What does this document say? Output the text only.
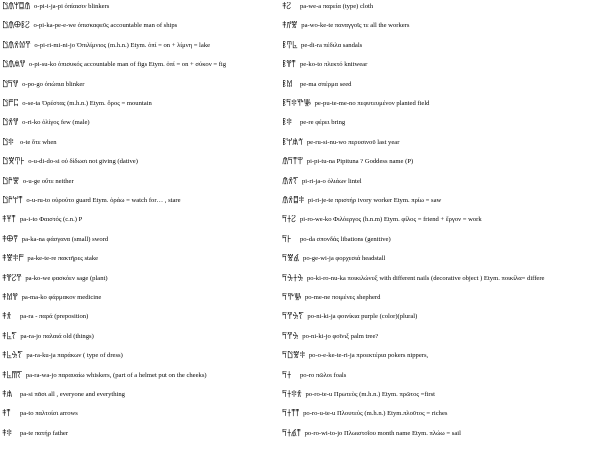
𐀃𐀠𐀩𐀊𐀠 o-pi-i-ja-pi ὀπίαισιν blinkers
𐀃𐀠𐀏𐀟𐀸 o-pi-ka-pe-e-we ὀπισκαφεῦς accountable man of ships
𐀃𐀠𐀪𐀔𐀛 o-pi-ri-mi-ni-jo Ὀπιλίμνιος (m.h.n.) Etym. ὀπί = on + λίμνη = lake
𐀃𐀠𐀯𐀒 o-pi-su-ko ὀπισυκός accountable man of figs Etym. ὀπί = on + σύκον = fig
𐀃𐀡𐀒 o-po-go ὀπώπια blinker
𐀃𐀮𐀲 o-se-ta Ὀρέστας (m.h.n.) Etym. ὄρος = mountain
𐀃𐀪𐀒 o-ri-ko ὀλίγος few (male)
𐀃𐀳 o-te ὅτε when
𐀃𐀆𐀇𐀅 o-u-di-do-si οὐ δίδωσι not giving (dative)
𐀃𐀄𐀐 o-u-ge οὔτε neither
𐀃𐀄𐀬𐀵 o-u-ru-to οὐρούτο guard Etym. ὁράω = watch for… , stare
𐀞𐀂𐀵 pa-i-to Φαιστός (c.n.) P
𐀞𐀏𐀙 pa-ka-na φάσγανα (small) sword
𐀞𐀐𐀳𐀮 pa-ke-te-re πακτῆρες stake
𐀞𐀒𐀸𐀛 pa-ko-we φασκόεν sage (plant)
𐀞𐀔𐀒 pa-ma-ko φάρμακον medicine
𐀞𐀪	pa-ra - παρά (preposition)
𐀞𐀨𐀍 pa-ra-jo παλαιά old (things)
𐀞𐀨𐀓𐀍 pa-ra-ku-ja παράκων ( type of dress)
𐀞𐀨𐀷𐀍 pa-ra-wa-jo παραυαίω whiskers, (part of a helmet put on the cheeks)
𐀞𐀯	pa-si πᾶσι all , everyone and everything
𐀞𐀵	pa-to παλτοίσι arrows
𐀞𐀳	pa-te πατήρ father
𐀞𐀸	pa-we-a παρεία (type) cloth
𐀞𐀺𐀐 pa-wo-ke-te παναγγοῖς τε all the workers
𐀟𐀇𐀨 pe-di-ra πέδιλα sandals
𐀟𐀒𐀵 pe-ko-to πλεκτό knitwear
𐀟𐀔	pe-ma σπέρμα seed
𐀟𐀡𐀳𐀕𐀜 pe-pu-te-me-no πεφυτευμένον planted field
𐀟𐀳	pe-re φέρει bring
𐀟𐀬𐀯𐀗 pe-ru-si-nu-wo περυσινοῦ last year
𐀠𐀡𐀵𐀚 pi-pi-tu-na Pipituna ? Goddess name (P)
𐀠𐀪𐀍 pi-ri-ja-o ὀλιάων lintel
𐀠𐀪𐀊𐀳 pi-ri-je-te πριστήρ ivory worker Etym. πρίω = saw
𐀡𐀫𐀸 pi-ro-we-ko Φιλόεργος (h.n.m) Etym. φίλος = friend + ἔργον = work
𐀡𐀅	po-da σπονδάς libations (genitive)
𐀡𐀐𐀹 po-ge-wi-ja φορχεσιά headstall
𐀡𐀓𐀫𐀓 po-ki-ro-nu-ka ποικιλώνυξ with different nails (decorative object ) Etym. ποικίλα= differe
𐀡𐀕𐀜 po-me-ne ποιμένες shepherd
𐀡𐀛𐀓𐀍 po-ni-ki-ja φοινίκια purple (color)(plural)
𐀡𐀛𐀓 po-ni-ki-jo φοῖνιξ palm tree?
𐀡𐀃𐀐𐀳 po-o-e-ke-te-ri-ja προεκτέρια pokers nippers,
𐀡𐀫	po-ro πῶλοι foals
𐀡𐀫𐀳𐀪 po-ro-te-u Πρωτεὺς (m.h.n.) Etym. πρῶτος =first
𐀡𐀫𐀵𐀵 po-ro-u-te-u Πλουτεὺς (m.h.n.) Etym.πλοῦτος = riches
𐀡𐀫𐀹𐀵 po-ro-wi-to-jo Πλωιστοΐου month name Etym. πλώω = sail
